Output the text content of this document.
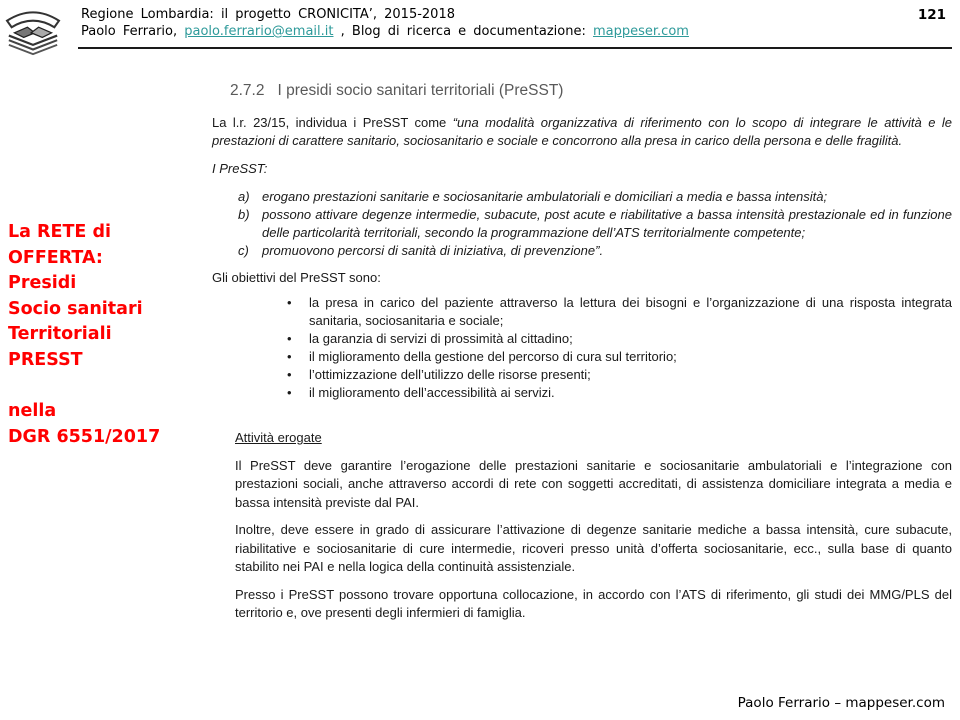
Regione Lombardia: il progetto CRONICITA’, 2015-2018
Paolo Ferrario, paolo.ferrario@email.it , Blog di ricerca e documentazione: mappeser.com
121
La RETE di
OFFERTA:
Presidi
Socio sanitari
Territoriali
PRESST
nella
DGR 6551/2017
2.7.2 I presidi socio sanitari territoriali (PreSST)

La l.r. 23/15, individua i PreSST come “una modalità organizzativa di riferimento con lo scopo di integrare le attività e le prestazioni di carattere sanitario, sociosanitario e sociale e concorrono alla presa in carico della persona e delle fragilità.

I PreSST:

a) erogano prestazioni sanitarie e sociosanitarie ambulatoriali e domiciliari a media e bassa intensità;
b) possono attivare degenze intermedie, subacute, post acute e riabilitative a bassa intensità prestazionale ed in funzione delle particolarità territoriali, secondo la programmazione dell’ATS territorialmente competente;
c) promuovono percorsi di sanità di iniziativa, di prevenzione”.

Gli obiettivi del PreSST sono:

• la presa in carico del paziente attraverso la lettura dei bisogni e l’organizzazione di una risposta integrata sanitaria, sociosanitaria e sociale;
• la garanzia di servizi di prossimità al cittadino;
• il miglioramento della gestione del percorso di cura sul territorio;
• l’ottimizzazione dell’utilizzo delle risorse presenti;
• il miglioramento dell’accessibilità ai servizi.

Attività erogate

Il PreSST deve garantire l’erogazione delle prestazioni sanitarie e sociosanitarie ambulatoriali e l’integrazione con prestazioni sociali, anche attraverso accordi di rete con soggetti accreditati, di assistenza domiciliare integrata a media e bassa intensità previste dal PAI.

Inoltre, deve essere in grado di assicurare l’attivazione di degenze sanitarie mediche a bassa intensità, cure subacute, riabilitative e sociosanitarie di cure intermedie, ricoveri presso unità d’offerta sociosanitarie, ecc., sulla base di quanto stabilito nei PAI e nella logica della continuità assistenziale.

Presso i PreSST possono trovare opportuna collocazione, in accordo con l’ATS di riferimento, gli studi dei MMG/PLS del territorio e, ove presenti degli infermieri di famiglia.

Paolo Ferrario – mappeser.com
